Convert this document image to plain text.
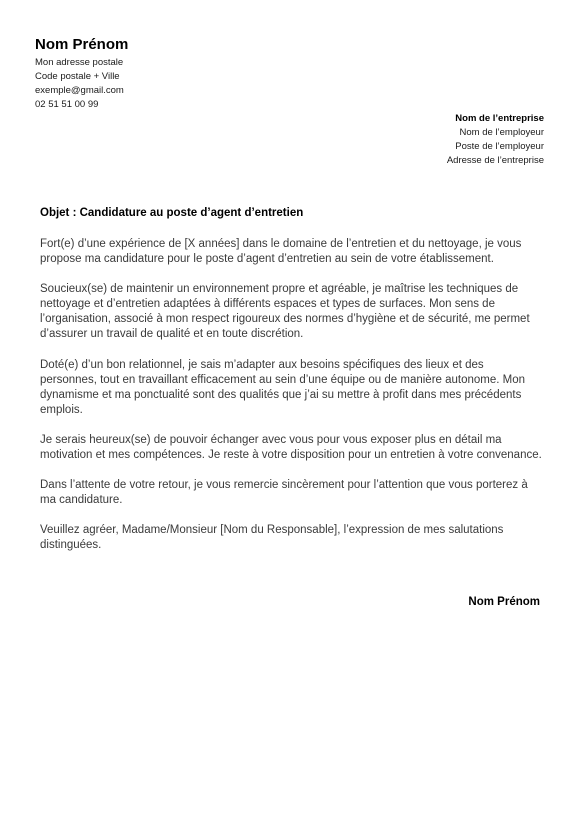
Nom Prénom
Mon adresse postale
Code postale + Ville
exemple@gmail.com
02 51 51 00 99
Nom de l’entreprise
Nom de l’employeur
Poste de l’employeur
Adresse de l’entreprise
Objet : Candidature au poste d’agent d’entretien

Fort(e) d’une expérience de [X années] dans le domaine de l’entretien et du nettoyage, je vous propose ma candidature pour le poste d’agent d’entretien au sein de votre établissement.

Soucieux(se) de maintenir un environnement propre et agréable, je maîtrise les techniques de nettoyage et d’entretien adaptées à différents espaces et types de surfaces. Mon sens de l’organisation, associé à mon respect rigoureux des normes d’hygiène et de sécurité, me permet d’assurer un travail de qualité et en toute discrétion.

Doté(e) d’un bon relationnel, je sais m’adapter aux besoins spécifiques des lieux et des personnes, tout en travaillant efficacement au sein d’une équipe ou de manière autonome. Mon dynamisme et ma ponctualité sont des qualités que j’ai su mettre à profit dans mes précédents emplois.

Je serais heureux(se) de pouvoir échanger avec vous pour vous exposer plus en détail ma motivation et mes compétences. Je reste à votre disposition pour un entretien à votre convenance.

Dans l’attente de votre retour, je vous remercie sincèrement pour l’attention que vous porterez à ma candidature.

Veuillez agréer, Madame/Monsieur [Nom du Responsable], l’expression de mes salutations distinguées.

Nom Prénom
